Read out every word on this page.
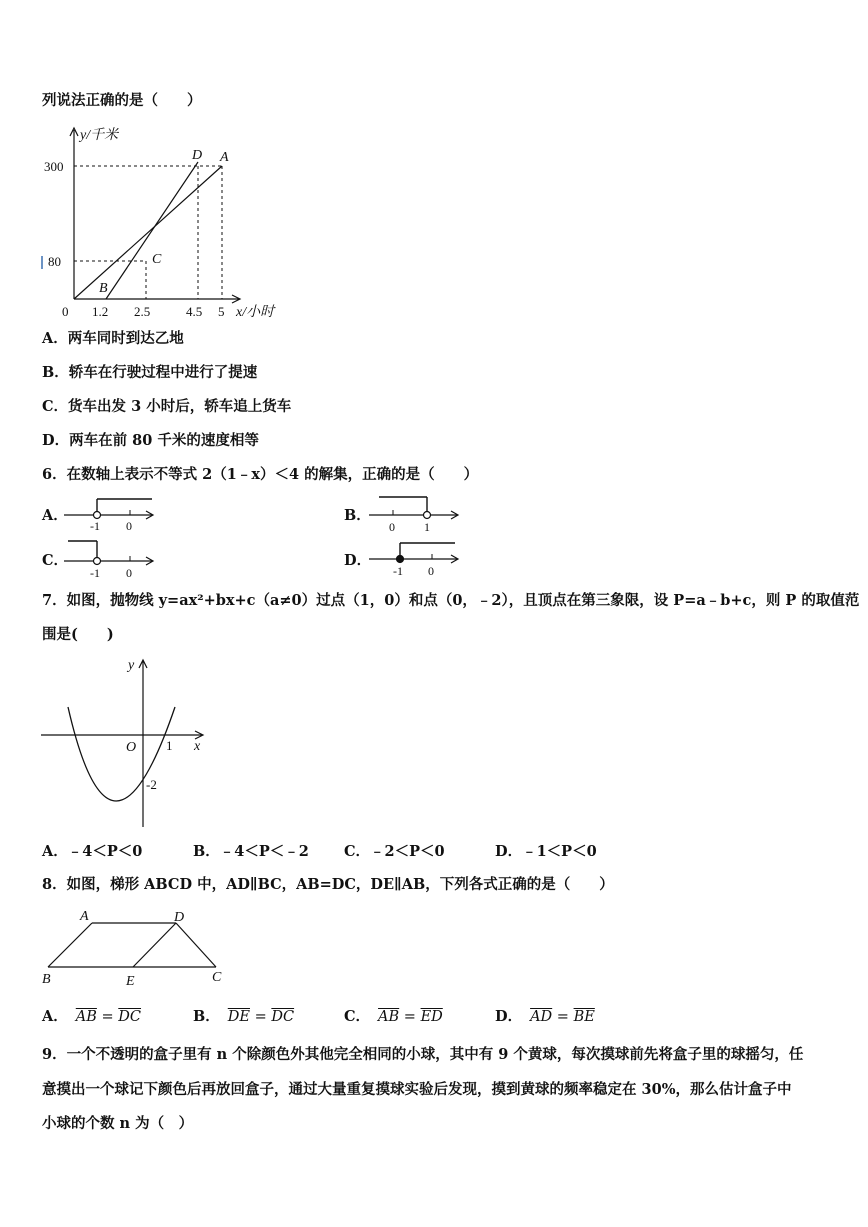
列说法正确的是（　　）
y/千米
300
80
0 1.2 2.5	4.5 5 x/小时
D A
C
B
A．两车同时到达乙地
B．轿车在行驶过程中进行了提速
C．货车出发 3 小时后，轿车追上货车
D．两车在前 80 千米的速度相等
6．在数轴上表示不等式 2（1﹣x）＜4 的解集，正确的是（　　）
A．
-1 0
B．
0 1
C．
-1 0
D．
-1 0
7．如图，抛物线 y=ax²+bx+c（a≠0）过点（1，0）和点（0，﹣2），且顶点在第三象限，设 P=a﹣b+c，则 P 的取值范
围是(　　)
y
x
O 1
-2
A．﹣4＜P＜0	B．﹣4＜P＜﹣2 C．﹣2＜P＜0	D．﹣1＜P＜0
8．如图，梯形 ABCD 中，AD∥BC，AB=DC，DE∥AB，下列各式正确的是（　　）
A	D
B	E	C
A． $\overline{AB} = \overline{DC}$	B． $\overline{DE} = \overline{DC}$	C． $\overline{AB} = \overline{ED}$	D． $\overline{AD} = \overline{BE}$
9．一个不透明的盒子里有 n 个除颜色外其他完全相同的小球，其中有 9 个黄球，每次摸球前先将盒子里的球摇匀，任
意摸出一个球记下颜色后再放回盒子，通过大量重复摸球实验后发现，摸到黄球的频率稳定在 30%，那么估计盒子中
小球的个数 n 为（　）
